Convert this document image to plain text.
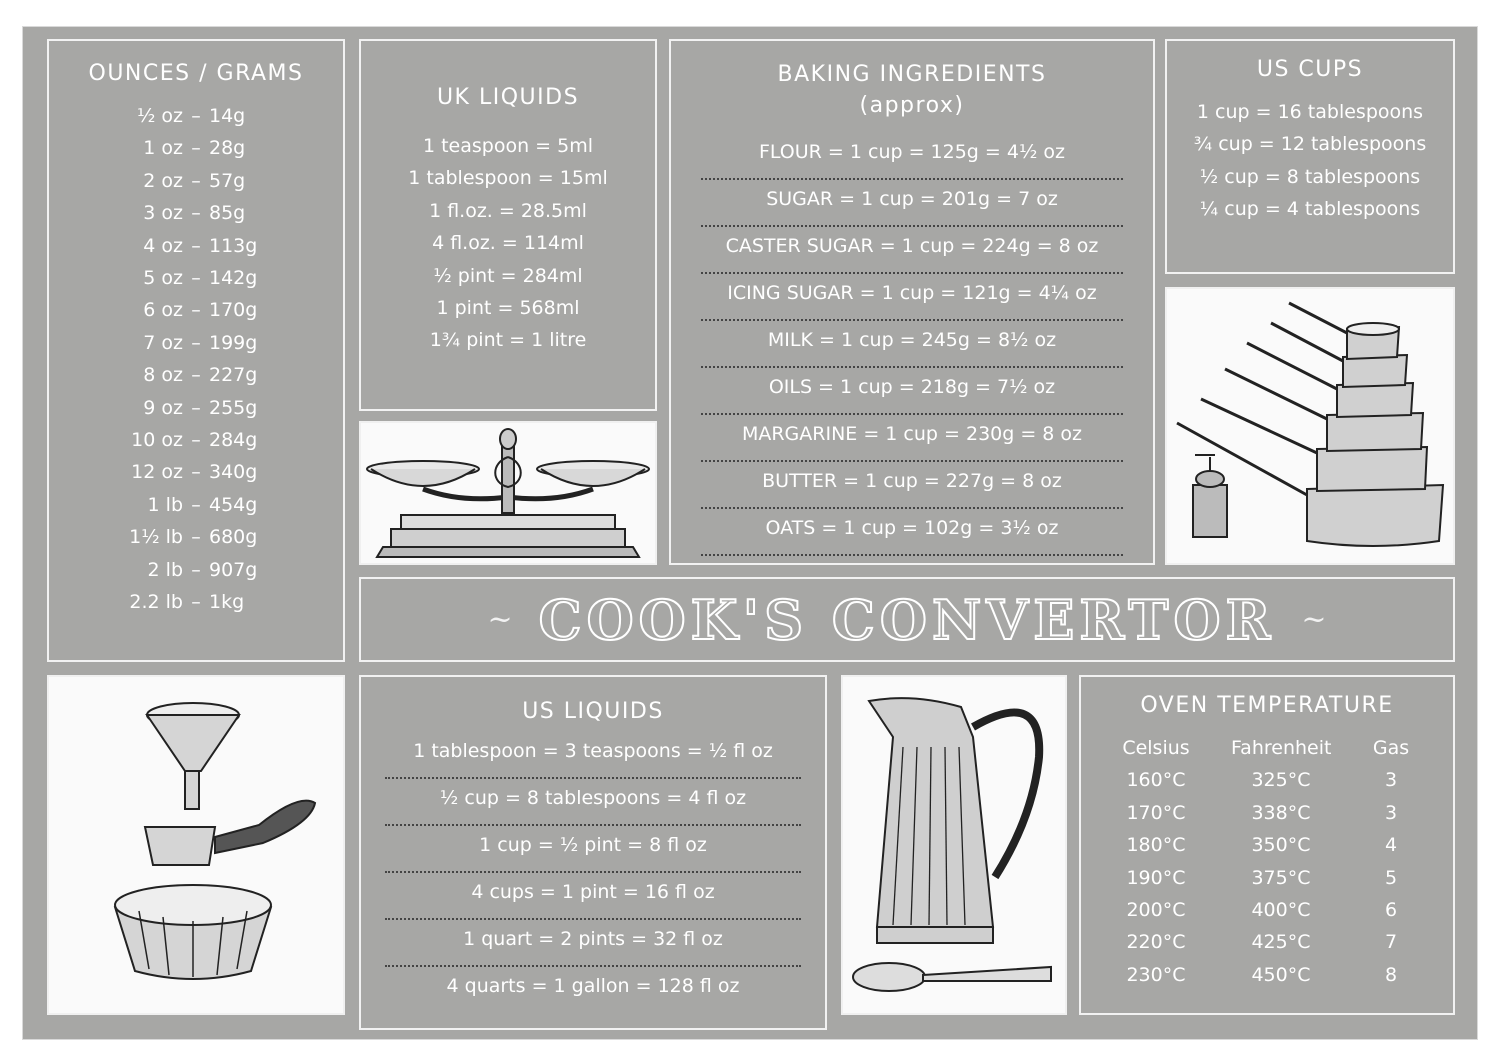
OUNCES / GRAMS
½ oz – 14g
1 oz – 28g
2 oz – 57g
3 oz – 85g
4 oz – 113g
5 oz – 142g
6 oz – 170g
7 oz – 199g
8 oz – 227g
9 oz – 255g
10 oz – 284g
12 oz – 340g
1 lb – 454g
1½ lb – 680g
2 lb – 907g
2.2 lb – 1kg
UK LIQUIDS
1 teaspoon = 5ml
1 tablespoon = 15ml
1 fl.oz. = 28.5ml
4 fl.oz. = 114ml
½ pint = 284ml
1 pint = 568ml
1¾ pint = 1 litre
BAKING INGREDIENTS
(approx)
FLOUR = 1 cup = 125g = 4½ oz
SUGAR = 1 cup = 201g = 7 oz
CASTER SUGAR = 1 cup = 224g = 8 oz
ICING SUGAR = 1 cup = 121g = 4¼ oz
MILK = 1 cup = 245g = 8½ oz
OILS = 1 cup = 218g = 7½ oz
MARGARINE = 1 cup = 230g = 8 oz
BUTTER = 1 cup = 227g = 8 oz
OATS = 1 cup = 102g = 3½ oz
US CUPS
1 cup = 16 tablespoons
¾ cup = 12 tablespoons
½ cup = 8 tablespoons
¼ cup = 4 tablespoons
~ COOK'S CONVERTOR ~
US LIQUIDS
1 tablespoon = 3 teaspoons = ½ fl oz
½ cup = 8 tablespoons = 4 fl oz
1 cup = ½ pint = 8 fl oz
4 cups = 1 pint = 16 fl oz
1 quart = 2 pints = 32 fl oz
4 quarts = 1 gallon = 128 fl oz
OVEN TEMPERATURE
Celsius	Fahrenheit	Gas
160°C	325°C	3
170°C	338°C	3
180°C	350°C	4
190°C	375°C	5
200°C	400°C	6
220°C	425°C	7
230°C	450°C	8
